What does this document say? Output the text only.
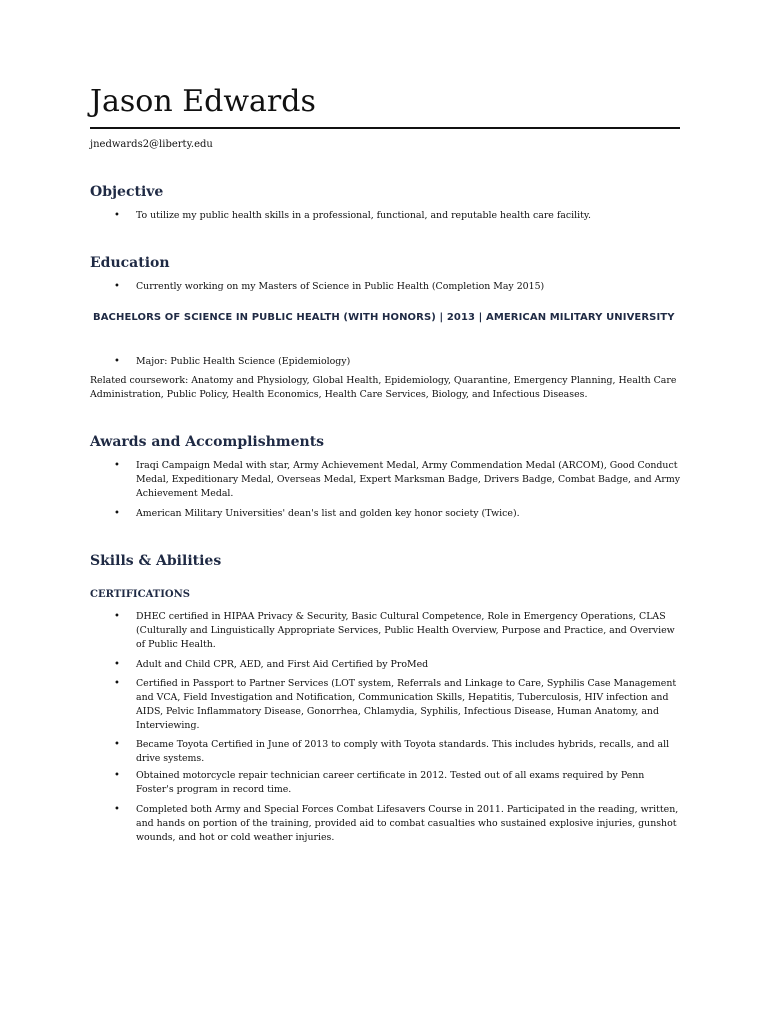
Jason Edwards
jnedwards2@liberty.edu
Objective
• To utilize my public health skills in a professional, functional, and reputable health care facility.
Education
• Currently working on my Masters of Science in Public Health (Completion May 2015)
BACHELORS OF SCIENCE IN PUBLIC HEALTH (WITH HONORS) | 2013 | AMERICAN MILITARY UNIVERSITY
• Major: Public Health Science (Epidemiology)
Related coursework: Anatomy and Physiology, Global Health, Epidemiology, Quarantine, Emergency Planning, Health Care Administration, Public Policy, Health Economics, Health Care Services, Biology, and Infectious Diseases.
Awards and Accomplishments
• Iraqi Campaign Medal with star, Army Achievement Medal, Army Commendation Medal (ARCOM), Good Conduct Medal, Expeditionary Medal, Overseas Medal, Expert Marksman Badge, Drivers Badge, Combat Badge, and Army Achievement Medal.
• American Military Universities' dean's list and golden key honor society (Twice).
Skills & Abilities
CERTIFICATIONS
• DHEC certified in HIPAA Privacy & Security, Basic Cultural Competence, Role in Emergency Operations, CLAS (Culturally and Linguistically Appropriate Services, Public Health Overview, Purpose and Practice, and Overview of Public Health.
• Adult and Child CPR, AED, and First Aid Certified by ProMed
• Certified in Passport to Partner Services (LOT system, Referrals and Linkage to Care, Syphilis Case Management and VCA, Field Investigation and Notification, Communication Skills, Hepatitis, Tuberculosis, HIV infection and AIDS, Pelvic Inflammatory Disease, Gonorrhea, Chlamydia, Syphilis, Infectious Disease, Human Anatomy, and Interviewing.
• Became Toyota Certified in June of 2013 to comply with Toyota standards. This includes hybrids, recalls, and all drive systems.
• Obtained motorcycle repair technician career certificate in 2012. Tested out of all exams required by Penn Foster's program in record time.
• Completed both Army and Special Forces Combat Lifesavers Course in 2011. Participated in the reading, written, and hands on portion of the training, provided aid to combat casualties who sustained explosive injuries, gunshot wounds, and hot or cold weather injuries.
